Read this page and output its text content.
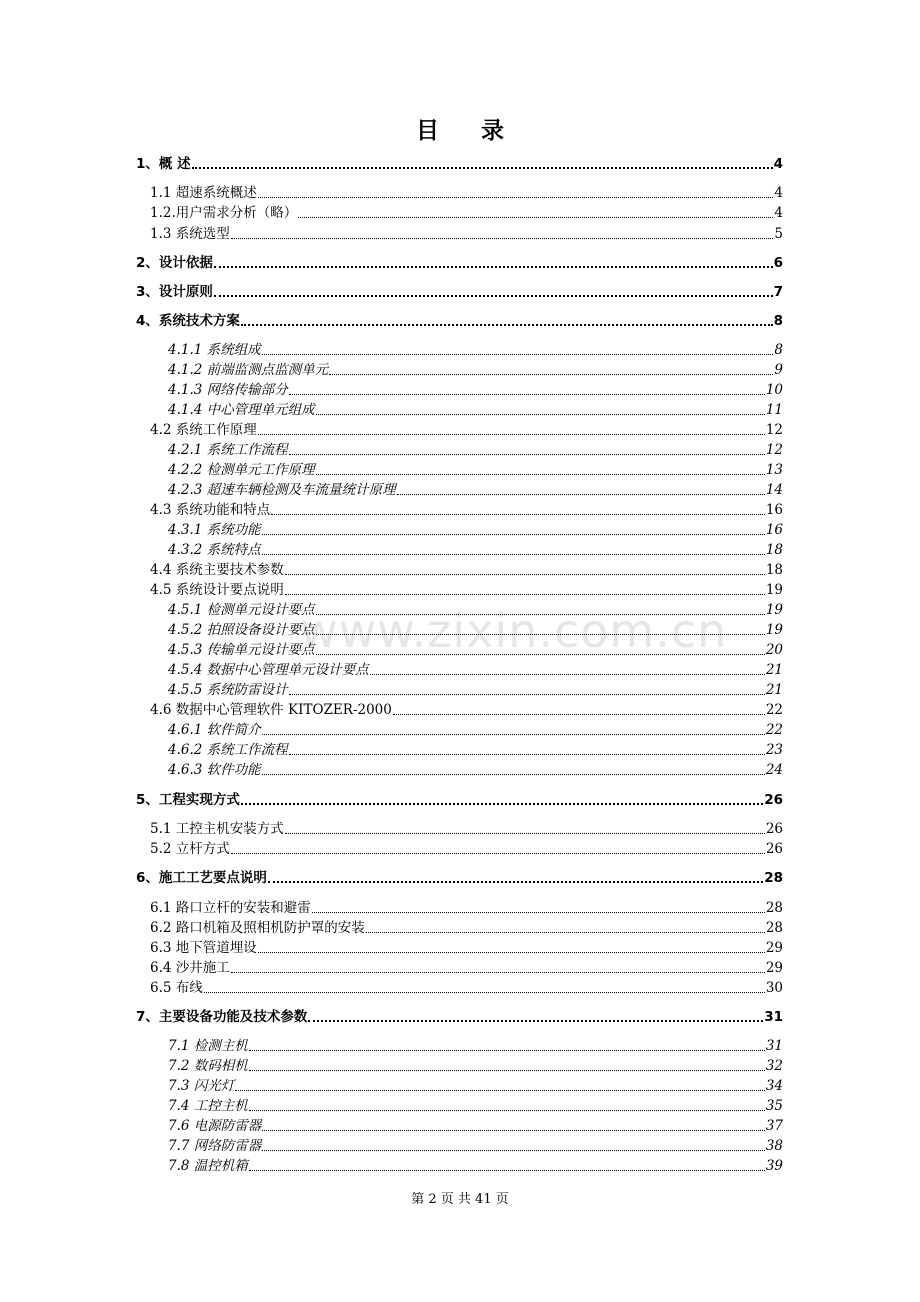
目 录
www.zixin.com.cn
1、概 述	4
1.1 超速系统概述	4
1.2.用户需求分析（略）	4
1.3 系统选型	5
2、设计依据	6
3、设计原则	7
4、系统技术方案	8
4.1.1 系统组成	8
4.1.2 前端监测点监测单元	9
4.1.3 网络传输部分	10
4.1.4 中心管理单元组成	11
4.2 系统工作原理	12
4.2.1 系统工作流程	12
4.2.2 检测单元工作原理	13
4.2.3 超速车辆检测及车流量统计原理	14
4.3 系统功能和特点	16
4.3.1 系统功能	16
4.3.2 系统特点	18
4.4 系统主要技术参数	18
4.5 系统设计要点说明	19
4.5.1 检测单元设计要点	19
4.5.2 拍照设备设计要点	19
4.5.3 传输单元设计要点	20
4.5.4 数据中心管理单元设计要点	21
4.5.5 系统防雷设计	21
4.6 数据中心管理软件 KITOZER-2000	22
4.6.1 软件简介	22
4.6.2 系统工作流程	23
4.6.3 软件功能	24
5、工程实现方式	26
5.1 工控主机安装方式	26
5.2 立杆方式	26
6、施工工艺要点说明	28
6.1 路口立杆的安装和避雷	28
6.2 路口机箱及照相机防护罩的安装	28
6.3 地下管道埋设	29
6.4 沙井施工	29
6.5 布线	30
7、主要设备功能及技术参数	31
7.1 检测主机	31
7.2 数码相机	32
7.3 闪光灯	34
7.4 工控主机	35
7.6 电源防雷器	37
7.7 网络防雷器	38
7.8 温控机箱	39
第 2 页 共 41 页
